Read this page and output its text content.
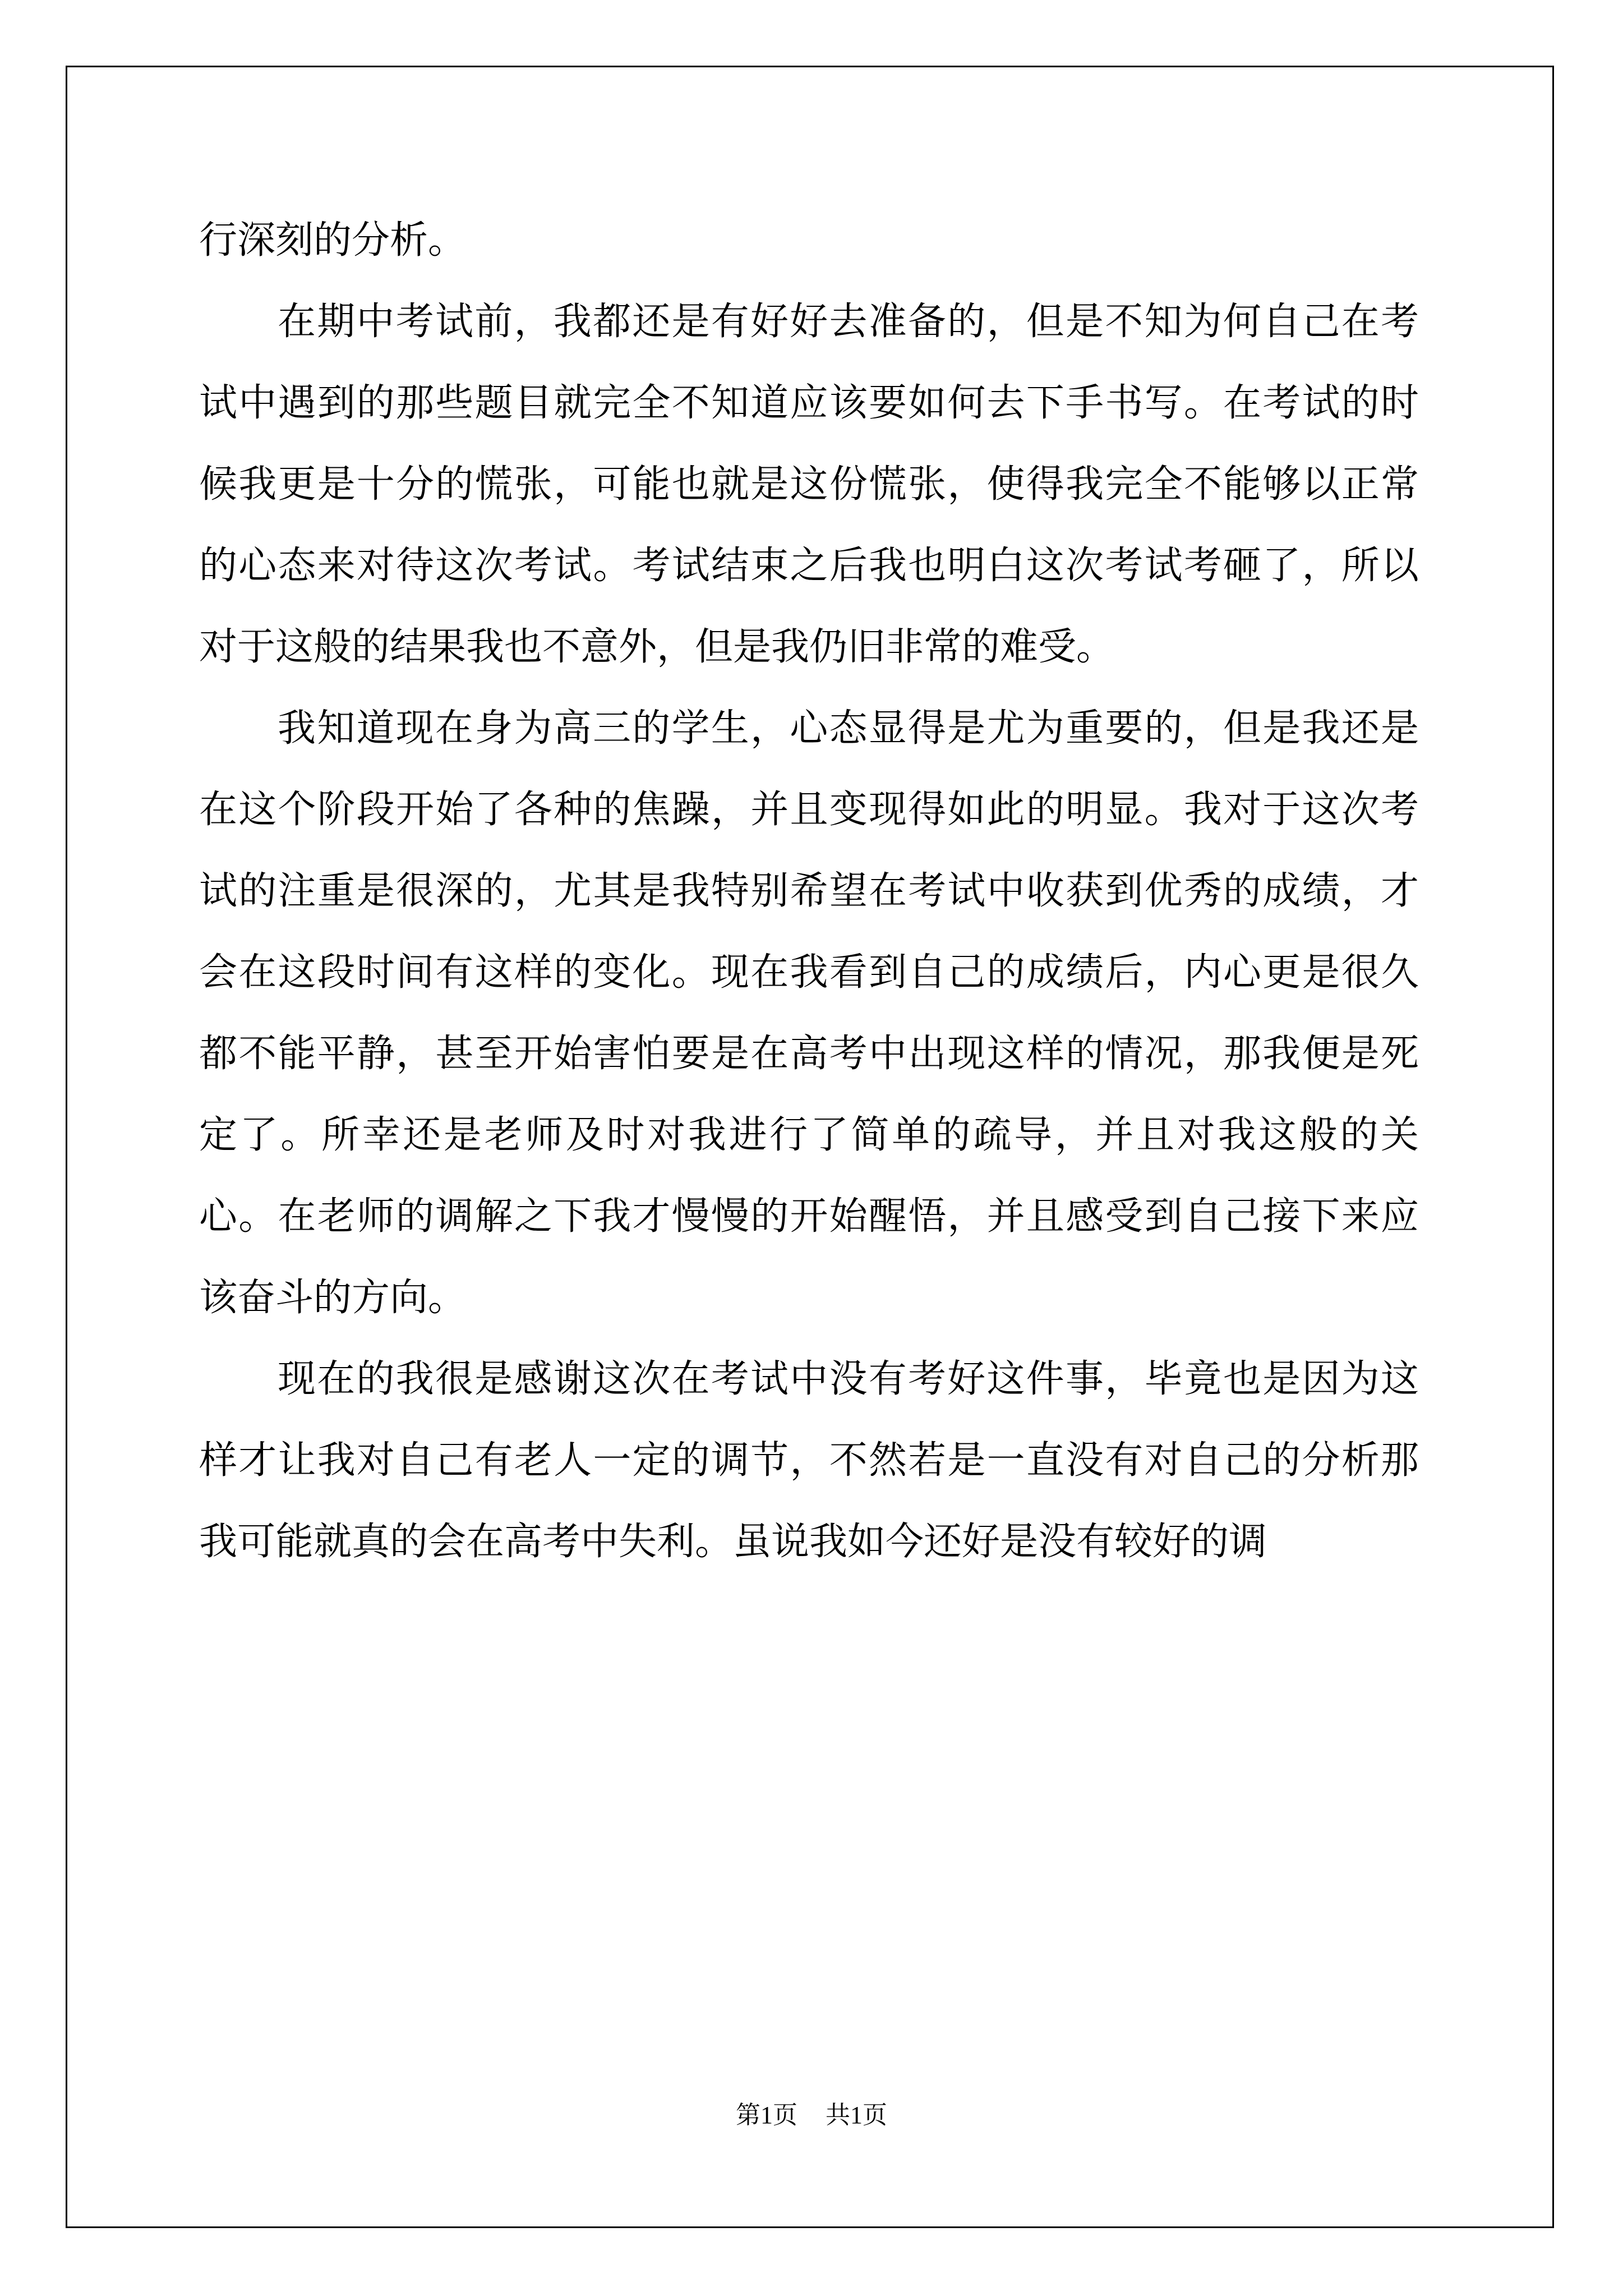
行深刻的分析。

在期中考试前，我都还是有好好去准备的，但是不知为何自己在考试中遇到的那些题目就完全不知道应该要如何去下手书写。在考试的时候我更是十分的慌张，可能也就是这份慌张，使得我完全不能够以正常的心态来对待这次考试。考试结束之后我也明白这次考试考砸了，所以对于这般的结果我也不意外，但是我仍旧非常的难受。

我知道现在身为高三的学生，心态显得是尤为重要的，但是我还是在这个阶段开始了各种的焦躁，并且变现得如此的明显。我对于这次考试的注重是很深的，尤其是我特别希望在考试中收获到优秀的成绩，才会在这段时间有这样的变化。现在我看到自己的成绩后，内心更是很久都不能平静，甚至开始害怕要是在高考中出现这样的情况，那我便是死定了。所幸还是老师及时对我进行了简单的疏导，并且对我这般的关心。在老师的调解之下我才慢慢的开始醒悟，并且感受到自己接下来应该奋斗的方向。

现在的我很是感谢这次在考试中没有考好这件事，毕竟也是因为这样才让我对自己有老人一定的调节，不然若是一直没有对自己的分析那我可能就真的会在高考中失利。虽说我如今还好是没有较好的调

第1页 共1页
